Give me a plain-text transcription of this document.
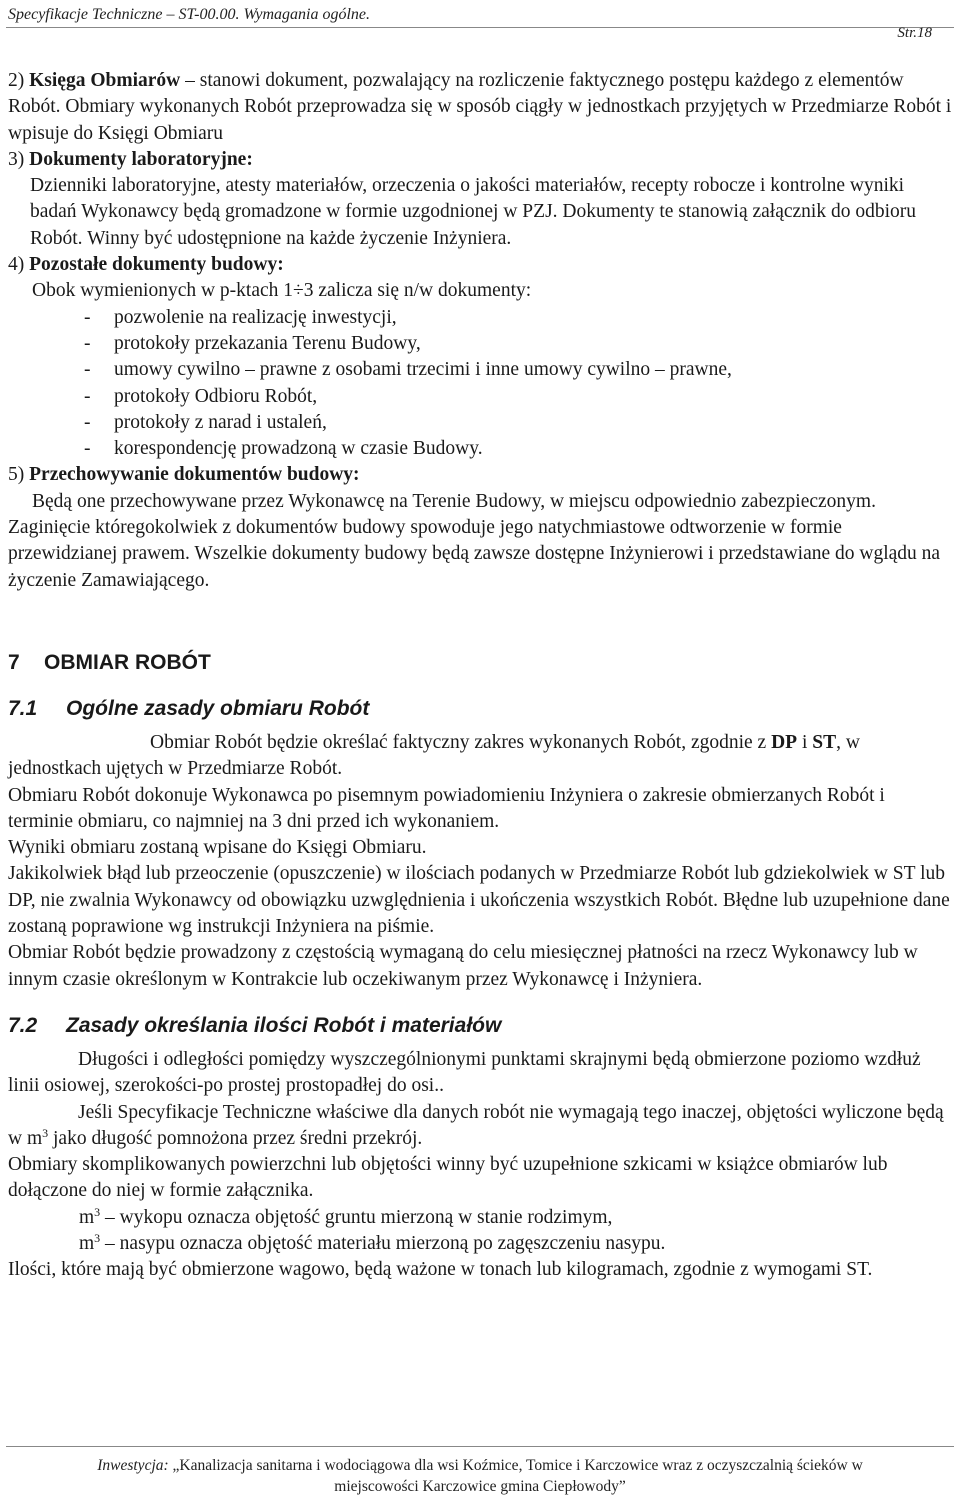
Specyfikacje Techniczne – ST-00.00. Wymagania ogólne.
Str.18

2) Księga Obmiarów – stanowi dokument, pozwalający na rozliczenie faktycznego postępu każdego z elementów Robót. Obmiary wykonanych Robót przeprowadza się w sposób ciągły w jednostkach przyjętych w Przedmiarze Robót i wpisuje do Księgi Obmiaru

3) Dokumenty laboratoryjne:

Dzienniki laboratoryjne, atesty materiałów, orzeczenia o jakości materiałów, recepty robocze i kontrolne wyniki badań Wykonawcy będą gromadzone w formie uzgodnionej w PZJ. Dokumenty te stanowią załącznik do odbioru Robót. Winny być udostępnione na każde życzenie Inżyniera.

4) Pozostałe dokumenty budowy:

Obok wymienionych w p-ktach 1÷3 zalicza się n/w dokumenty:

-	pozwolenie na realizację inwestycji,
-	protokoły przekazania Terenu Budowy,
-	umowy cywilno – prawne z osobami trzecimi i inne umowy cywilno – prawne,
-	protokoły Odbioru Robót,
-	protokoły z narad i ustaleń,
-	korespondencję prowadzoną w czasie Budowy.

5) Przechowywanie dokumentów budowy:

Będą one przechowywane przez Wykonawcę na Terenie Budowy, w miejscu odpowiednio zabezpieczonym. Zaginięcie któregokolwiek z dokumentów budowy spowoduje jego natychmiastowe odtworzenie w formie przewidzianej prawem. Wszelkie dokumenty budowy będą zawsze dostępne Inżynierowi i przedstawiane do wglądu na życzenie Zamawiającego.

7 OBMIAR ROBÓT
7.1 Ogólne zasady obmiaru Robót

Obmiar Robót będzie określać faktyczny zakres wykonanych Robót, zgodnie z DP i ST, w jednostkach ujętych w Przedmiarze Robót.

Obmiaru Robót dokonuje Wykonawca po pisemnym powiadomieniu Inżyniera o zakresie obmierzanych Robót i terminie obmiaru, co najmniej na 3 dni przed ich wykonaniem.

Wyniki obmiaru zostaną wpisane do Księgi Obmiaru.

Jakikolwiek błąd lub przeoczenie (opuszczenie) w ilościach podanych w Przedmiarze Robót lub gdziekolwiek w ST lub DP, nie zwalnia Wykonawcy od obowiązku uzwględnienia i ukończenia wszystkich Robót. Błędne lub uzupełnione dane zostaną poprawione wg instrukcji Inżyniera na piśmie.

Obmiar Robót będzie prowadzony z częstością wymaganą do celu miesięcznej płatności na rzecz Wykonawcy lub w innym czasie określonym w Kontrakcie lub oczekiwanym przez Wykonawcę i Inżyniera.

7.2 Zasady określania ilości Robót i materiałów

Długości i odległości pomiędzy wyszczególnionymi punktami skrajnymi będą obmierzone poziomo wzdłuż linii osiowej, szerokości-po prostej prostopadłej do osi..

Jeśli Specyfikacje Techniczne właściwe dla danych robót nie wymagają tego inaczej, objętości wyliczone będą w $m^3$ jako długość pomnożona przez średni przekrój.

Obmiary skomplikowanych powierzchni lub objętości winny być uzupełnione szkicami w książce obmiarów lub dołączone do niej w formie załącznika.

$m^3$ – wykopu oznacza objętość gruntu mierzoną w stanie rodzimym,

$m^3$ – nasypu oznacza objętość materiału mierzoną po zagęszczeniu nasypu.

Ilości, które mają być obmierzone wagowo, będą ważone w tonach lub kilogramach, zgodnie z wymogami ST.

Inwestycja: „Kanalizacja sanitarna i wodociągowa dla wsi Koźmice, Tomice i Karczowice wraz z oczyszczalnią ścieków w
miejscowości Karczowice gmina Ciepłowody”
